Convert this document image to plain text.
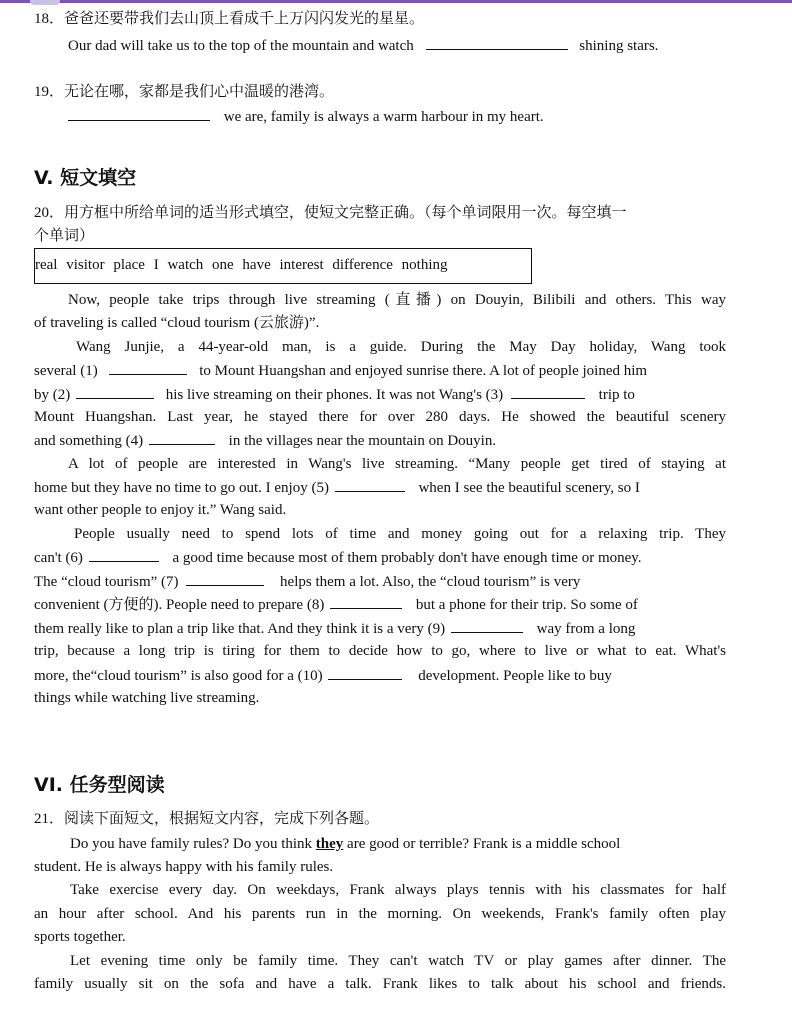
18．爸爸还要带我们去山顶上看成千上万闪闪发光的星星。
Our dad will take us to the top of the mountain and watch	shining stars.
19．无论在哪，家都是我们心中温暖的港湾。
we are, family is always a warm harbour in my heart.
V. 短文填空
20．用方框中所给单词的适当形式填空，使短文完整正确。（每个单词限用一次。每空填一
个单词）
real visitor place I watch one have interest difference nothing
Now, people take trips through live streaming (直播) on Douyin, Bilibili and others. This way
of traveling is called “cloud tourism (云旅游)”.
Wang Junjie, a 44-year-old man, is a guide. During the May Day holiday, Wang took
several (1)	to Mount Huangshan and enjoyed sunrise there. A lot of people joined him
by (2)	his live streaming on their phones. It was not Wang's (3)	trip to
Mount Huangshan. Last year, he stayed there for over 280 days. He showed the beautiful scenery
and something (4)	in the villages near the mountain on Douyin.
A lot of people are interested in Wang's live streaming. “Many people get tired of staying at
home but they have no time to go out. I enjoy (5)	when I see the beautiful scenery, so I
want other people to enjoy it.” Wang said.
People usually need to spend lots of time and money going out for a relaxing trip. They
can't (6)	a good time because most of them probably don't have enough time or money.
The “cloud tourism” (7)	helps them a lot. Also, the “cloud tourism” is very
convenient (方便的). People need to prepare (8)	but a phone for their trip. So some of
them really like to plan a trip like that. And they think it is a very (9)	way from a long
trip, because a long trip is tiring for them to decide how to go, where to live or what to eat. What's
more, the“cloud tourism” is also good for a (10)	development. People like to buy
things while watching live streaming.
VI. 任务型阅读
21．阅读下面短文，根据短文内容，完成下列各题。
Do you have family rules? Do you think they are good or terrible? Frank is a middle school
student. He is always happy with his family rules.
Take exercise every day. On weekdays, Frank always plays tennis with his classmates for half
an hour after school. And his parents run in the morning. On weekends, Frank's family often play
sports together.
Let evening time only be family time. They can't watch TV or play games after dinner. The
family usually sit on the sofa and have a talk. Frank likes to talk about his school and friends.
